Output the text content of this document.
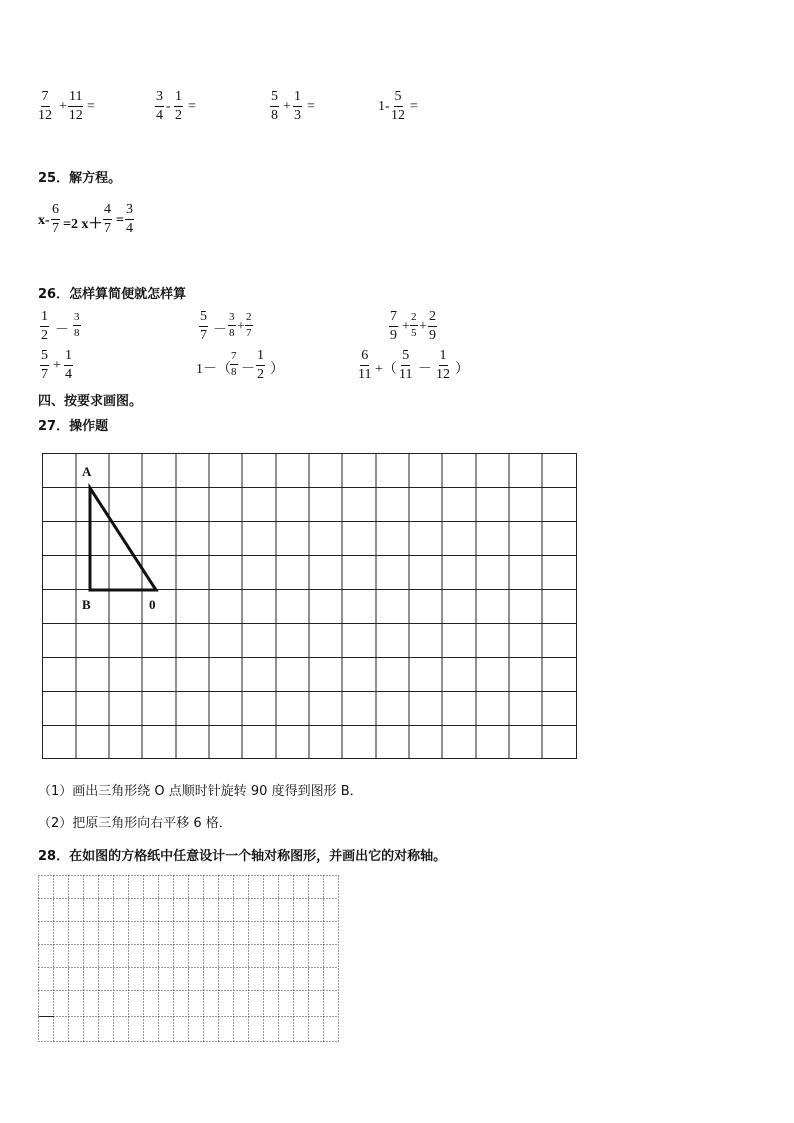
$\frac{7}{12} + \frac{11}{12}$ =	$\frac{3}{4} - \frac{1}{2}$ =	$\frac{5}{8} + \frac{1}{3}$ =	$1- \frac{5}{12}$ =
25．解方程。
$x- \frac{6}{7} =2$ $x+ \frac{4}{7} = \frac{3}{4}$
26．怎样算简便就怎样算
$\frac{1}{2} - \frac{3}{8}$	$\frac{5}{7} - \frac{3}{8} + \frac{2}{7}$	$\frac{7}{9} + \frac{2}{5} + \frac{2}{9}$
$\frac{5}{7} + \frac{1}{4}$	$1-( \frac{7}{8} - \frac{1}{2}$ ）	$\frac{6}{11}$ +（ $\frac{5}{11} - \frac{1}{12}$ ）
四、按要求画图。
27．操作题
A
B	0
（1）画出三角形绕 O 点顺时针旋转 90 度得到图形 B．
（2）把原三角形向右平移 6 格．
28．在如图的方格纸中任意设计一个轴对称图形，并画出它的对称轴。
